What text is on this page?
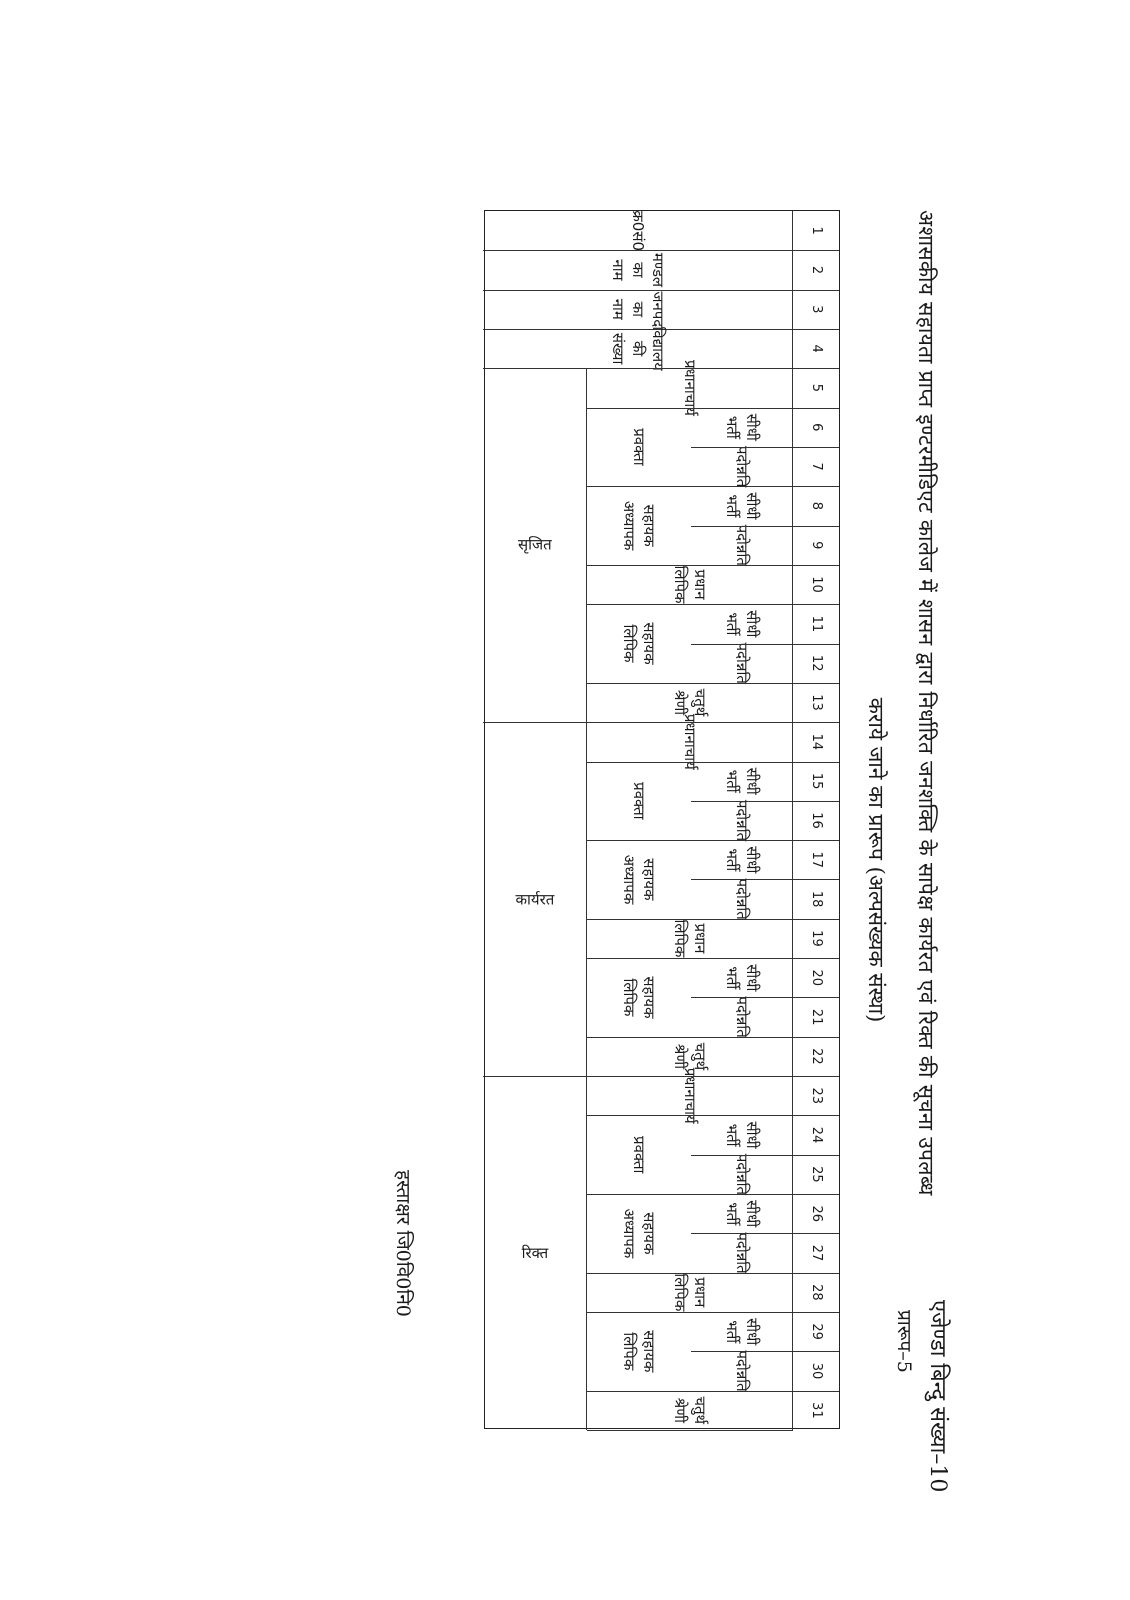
एजेण्डा बिन्दु संख्या–10
प्रारूप–5
अशासकीय सहायता प्राप्त इण्टरमीडिएट कालेज में शासन द्वारा निर्धारित जनशक्ति के सापेक्ष कार्यरत एवं रिक्त की सूचना उपलब्ध
कराये जाने का प्रारूप (अल्पसंख्यक संस्था)
1
2
3
4
5
6
7
8
9
10
11
12
13
14
15
16
17
18
19
20
21
22
23
24
25
26
27
28
29
30
31
क्र0सं0
मण्डल का नाम
जनपद का नाम
विद्यालय की संख्या
प्रधानाचार्य
प्रधान लिपिक
चतुर्थ श्रेणी
सीधी भर्ती
पदोन्नति
प्रवक्ता
सीधी भर्ती
पदोन्नति
सहायक अध्यापक
सीधी भर्ती
पदोन्नति
सहायक लिपिक
सृजित
प्रधानाचार्य
प्रधान लिपिक
चतुर्थ श्रेणी
सीधी भर्ती
पदोन्नति
प्रवक्ता
सीधी भर्ती
पदोन्नति
सहायक अध्यापक
सीधी भर्ती
पदोन्नति
सहायक लिपिक
कार्यरत
प्रधानाचार्य
प्रधान लिपिक
चतुर्थ श्रेणी
सीधी भर्ती
पदोन्नति
प्रवक्ता
सीधी भर्ती
पदोन्नति
सहायक अध्यापक
सीधी भर्ती
पदोन्नति
सहायक लिपिक
रिक्त
हस्ताक्षर जि0वि0नि0
